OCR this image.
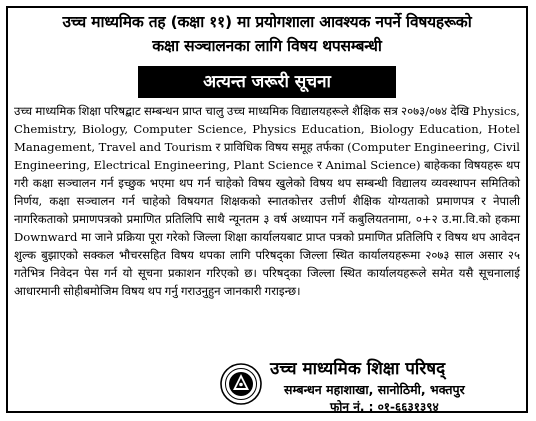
उच्च माध्यमिक तह (कक्षा ११) मा प्रयोगशाला आवश्यक नपर्ने विषयहरूको
कक्षा सञ्चालनका लागि विषय थपसम्बन्धी
अत्यन्त जरूरी सूचना
उच्च माध्यमिक शिक्षा परिषद्बाट सम्बन्धन प्राप्त चालु उच्च माध्यमिक विद्यालयहरूले शैक्षिक सत्र २०७३/०७४ देखि Physics, Chemistry, Biology, Computer Science, Physics Education, Biology Education, Hotel Management, Travel and Tourism र प्राविधिक विषय समूह तर्फका (Computer Engineering, Civil Engineering, Electrical Engineering, Plant Science र Animal Science) बाहेकका विषयहरू थप गरी कक्षा सञ्चालन गर्न इच्छुक भएमा थप गर्न चाहेको विषय खुलेको विषय थप सम्बन्धी विद्यालय व्यवस्थापन समितिको निर्णय, कक्षा सञ्चालन गर्न चाहेको विषयगत शिक्षकको स्नातकोत्तर उत्तीर्ण शैक्षिक योग्यताको प्रमाणपत्र र नेपाली नागरिकताको प्रमाणपत्रको प्रमाणित प्रतिलिपि साथै न्यूनतम ३ वर्ष अध्यापन गर्ने कबुलियतनामा, ०+२ उ.मा.वि.को हकमा Downward मा जाने प्रक्रिया पूरा गरेको जिल्ला शिक्षा कार्यालयबाट प्राप्त पत्रको प्रमाणित प्रतिलिपि र विषय थप आवेदन शुल्क बुझाएको सक्कल भौचरसहित विषय थपका लागि परिषद्का जिल्ला स्थित कार्यालयहरूमा २०७३ साल असार २५ गतेभित्र निवेदन पेस गर्न यो सूचना प्रकाशन गरिएको छ। परिषद्का जिल्ला स्थित कार्यालयहरूले समेत यसै सूचनालाई आधारमानी सोहीबमोजिम विषय थप गर्नु गराउनुहुन जानकारी गराइन्छ।
उच्च माध्यमिक शिक्षा परिषद्
सम्बन्धन महाशाखा, सानोठिमी, भक्तपुर
फोन नं. : ०१-६६३१३९४
